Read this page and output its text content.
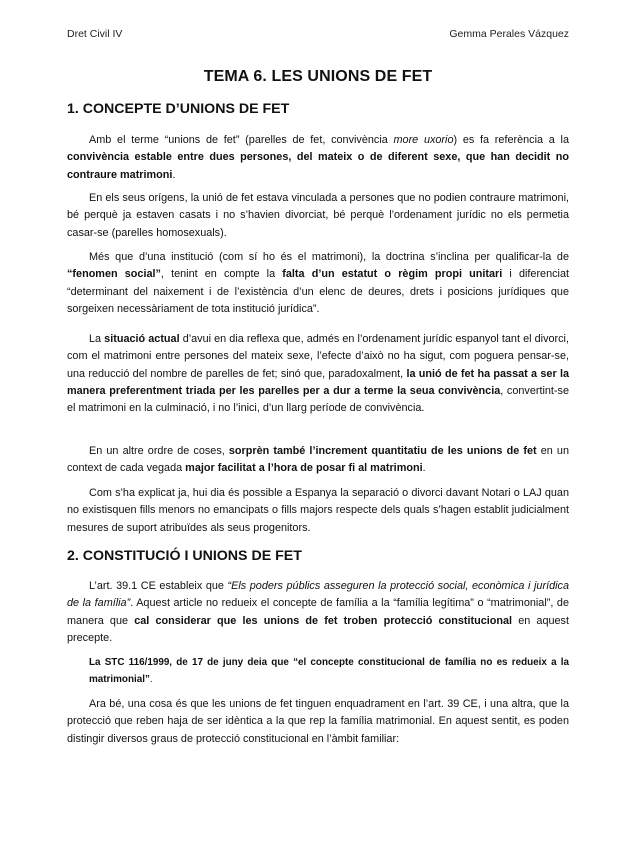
Dret Civil IV	Gemma Perales Vázquez
TEMA 6. LES UNIONS DE FET
1. CONCEPTE D’UNIONS DE FET
Amb el terme “unions de fet” (parelles de fet, convivència more uxorio) es fa referència a la convivència estable entre dues persones, del mateix o de diferent sexe, que han decidit no contraure matrimoni.
En els seus orígens, la unió de fet estava vinculada a persones que no podien contraure matrimoni, bé perquè ja estaven casats i no s’havien divorciat, bé perquè l’ordenament jurídic no els permetia casar-se (parelles homosexuals).
Més que d’una institució (com sí ho és el matrimoni), la doctrina s’inclina per qualificar-la de “fenomen social”, tenint en compte la falta d’un estatut o règim propi unitari i diferenciat “determinant del naixement i de l’existència d’un elenc de deures, drets i posicions jurídiques que sorgeixen necessàriament de tota institució jurídica”.
La situació actual d’avui en dia reflexa que, admés en l’ordenament jurídic espanyol tant el divorci, com el matrimoni entre persones del mateix sexe, l’efecte d’això no ha sigut, com poguera pensar-se, una reducció del nombre de parelles de fet; sinó que, paradoxalment, la unió de fet ha passat a ser la manera preferentment triada per les parelles per a dur a terme la seua convivència, convertint-se el matrimoni en la culminació, i no l’inici, d’un llarg període de convivència.
En un altre ordre de coses, sorprèn també l’increment quantitatiu de les unions de fet en un context de cada vegada major facilitat a l’hora de posar fi al matrimoni.
Com s’ha explicat ja, hui dia és possible a Espanya la separació o divorci davant Notari o LAJ quan no existisquen fills menors no emancipats o fills majors respecte dels quals s’hagen establit judicialment mesures de suport atribuïdes als seus progenitors.
2. CONSTITUCIÓ I UNIONS DE FET
L’art. 39.1 CE estableix que “Els poders públics asseguren la protecció social, econòmica i jurídica de la família”. Aquest article no redueix el concepte de família a la “família legítima” o “matrimonial”, de manera que cal considerar que les unions de fet troben protecció constitucional en aquest precepte.
La STC 116/1999, de 17 de juny deia que “el concepte constitucional de família no es redueix a la matrimonial”.
Ara bé, una cosa és que les unions de fet tinguen enquadrament en l’art. 39 CE, i una altra, que la protecció que reben haja de ser idèntica a la que rep la família matrimonial. En aquest sentit, es poden distingir diversos graus de protecció constitucional en l’àmbit familiar:
